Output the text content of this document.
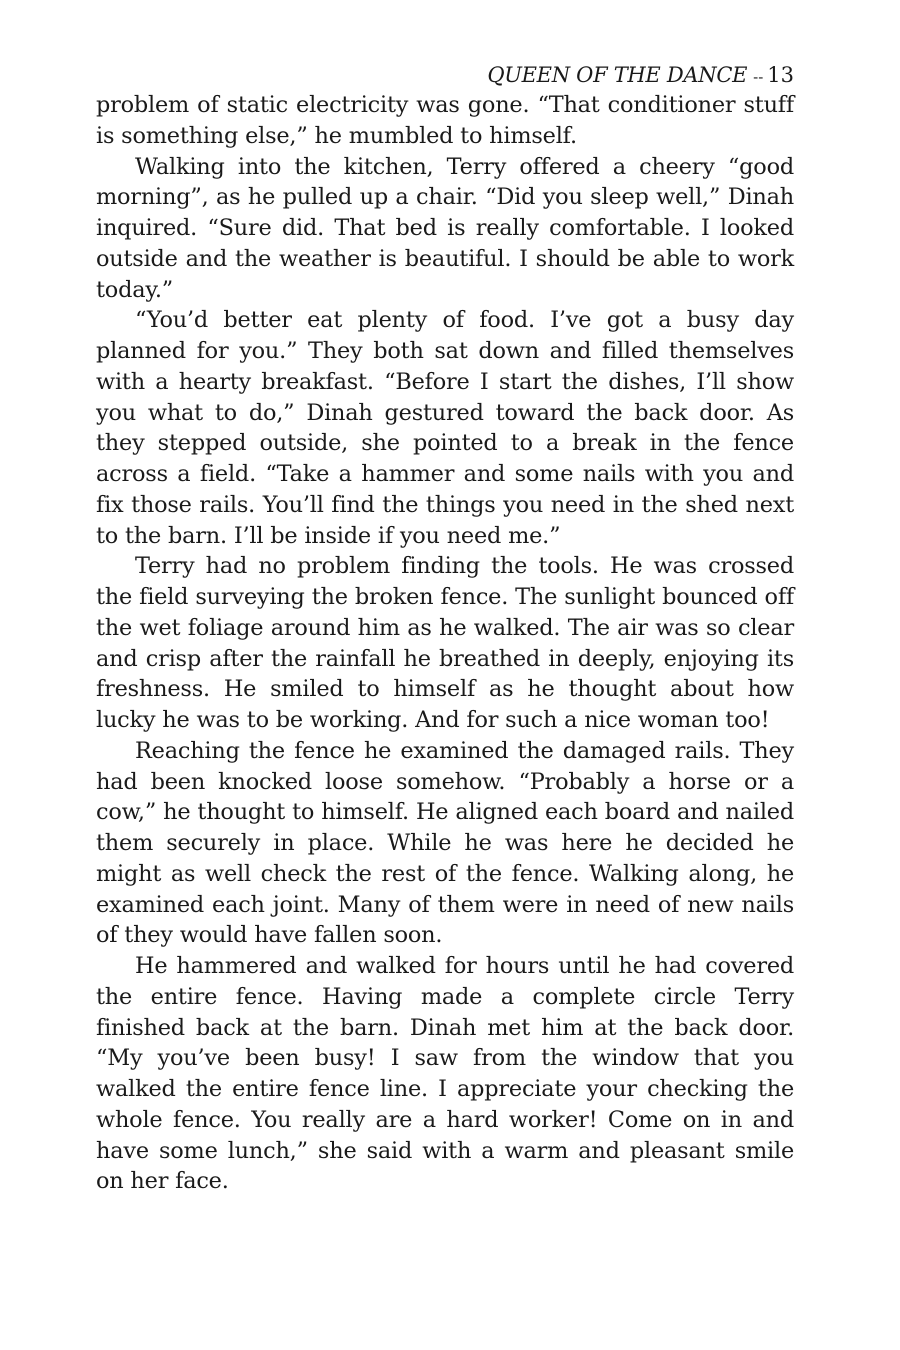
QUEEN OF THE DANCE -- 13

problem of static electricity was gone. “That conditioner stuff is something else,” he mumbled to himself.

Walking into the kitchen, Terry offered a cheery “good morning”, as he pulled up a chair. “Did you sleep well,” Dinah inquired. “Sure did. That bed is really comfortable. I looked outside and the weather is beautiful. I should be able to work today.”

“You’d better eat plenty of food. I’ve got a busy day planned for you.” They both sat down and filled themselves with a hearty breakfast. “Before I start the dishes, I’ll show you what to do,” Dinah gestured toward the back door. As they stepped outside, she pointed to a break in the fence across a field. “Take a hammer and some nails with you and fix those rails. You’ll find the things you need in the shed next to the barn. I’ll be inside if you need me.”

Terry had no problem finding the tools. He was crossed the field surveying the broken fence. The sunlight bounced off the wet foliage around him as he walked. The air was so clear and crisp after the rainfall he breathed in deeply, enjoying its freshness. He smiled to himself as he thought about how lucky he was to be working. And for such a nice woman too!

Reaching the fence he examined the damaged rails. They had been knocked loose somehow. “Probably a horse or a cow,” he thought to himself. He aligned each board and nailed them securely in place. While he was here he decided he might as well check the rest of the fence. Walking along, he examined each joint. Many of them were in need of new nails of they would have fallen soon.

He hammered and walked for hours until he had covered the entire fence. Having made a complete circle Terry finished back at the barn. Dinah met him at the back door. “My you’ve been busy! I saw from the window that you walked the entire fence line. I appreciate your checking the whole fence. You really are a hard worker! Come on in and have some lunch,” she said with a warm and pleasant smile on her face.
